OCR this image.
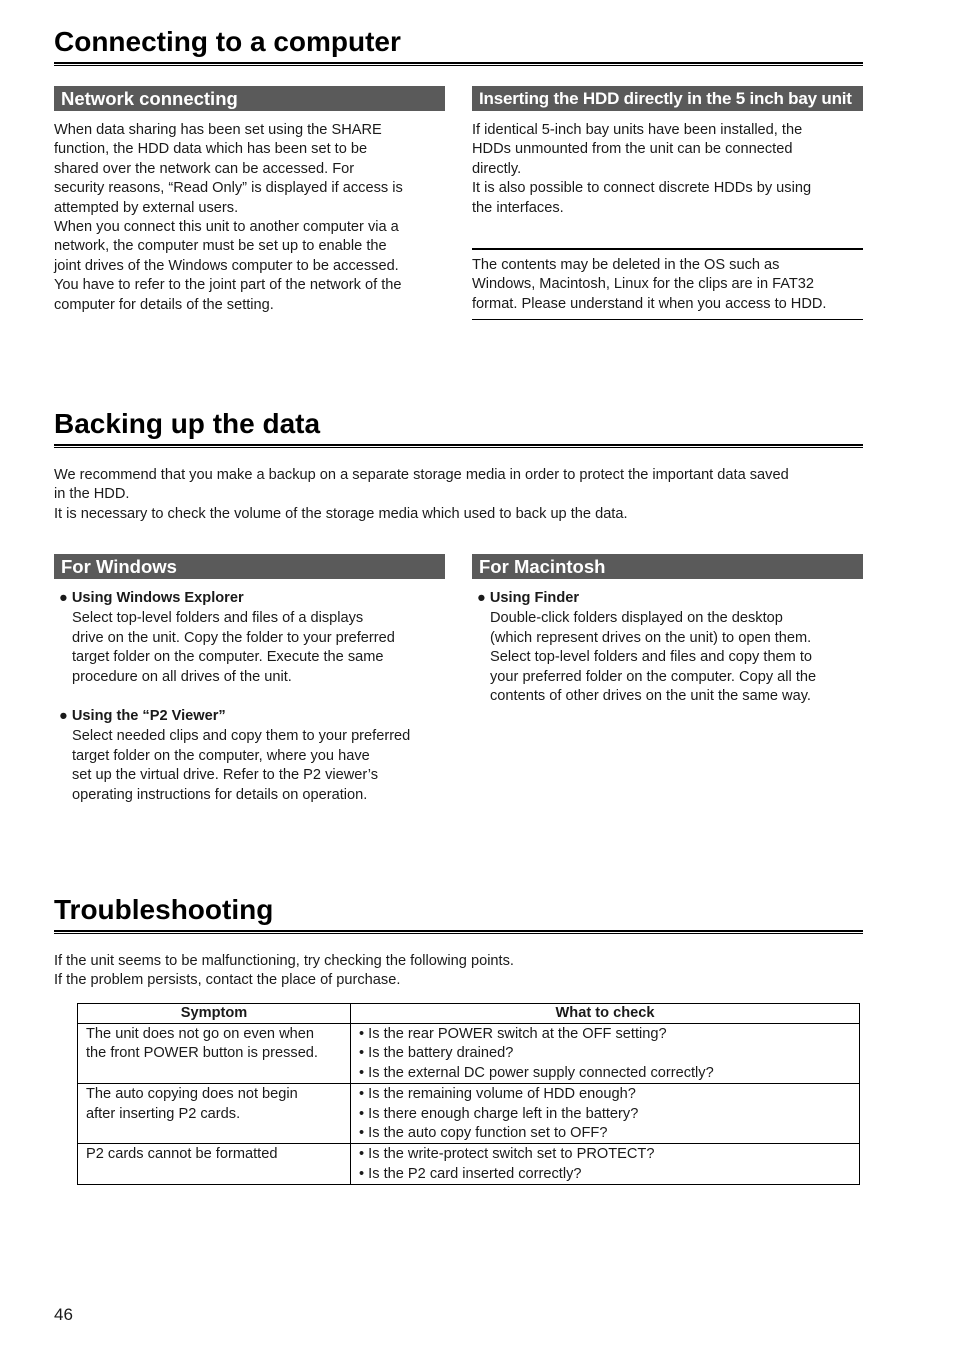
Connecting to a computer
Network connecting

When data sharing has been set using the SHARE

function, the HDD data which has been set to be

shared over the network can be accessed. For

security reasons, “Read Only” is displayed if access is

attempted by external users.

When you connect this unit to another computer via a

network, the computer must be set up to enable the

joint drives of the Windows computer to be accessed.

You have to refer to the joint part of the network of the

computer for details of the setting.

Inserting the HDD directly in the 5 inch bay unit

If identical 5-inch bay units have been installed, the

HDDs unmounted from the unit can be connected

directly.

It is also possible to connect discrete HDDs by using

the interfaces.

The contents may be deleted in the OS such as

Windows, Macintosh, Linux for the clips are in FAT32

format. Please understand it when you access to HDD.

Backing up the data

We recommend that you make a backup on a separate storage media in order to protect the important data saved

in the HDD.

It is necessary to check the volume of the storage media which used to back up the data.

For Windows
● Using Windows Explorer
Select top-level folders and files of a displays
drive on the unit. Copy the folder to your preferred
target folder on the computer. Execute the same
procedure on all drives of the unit.
● Using the “P2 Viewer”
Select needed clips and copy them to your preferred
target folder on the computer, where you have
set up the virtual drive. Refer to the P2 viewer’s
operating instructions for details on operation.
For Macintosh
● Using Finder
Double-click folders displayed on the desktop
(which represent drives on the unit) to open them.
Select top-level folders and files and copy them to
your preferred folder on the computer. Copy all the
contents of other drives on the unit the same way.
Troubleshooting

If the unit seems to be malfunctioning, try checking the following points.

If the problem persists, contact the place of purchase.

Symptom	What to check

The unit does not go on even when
the front POWER button is pressed.	• Is the rear POWER switch at the OFF setting?
• Is the battery drained?
• Is the external DC power supply connected correctly?

The auto copying does not begin
after inserting P2 cards.	• Is the remaining volume of HDD enough?
• Is there enough charge left in the battery?
• Is the auto copy function set to OFF?

P2 cards cannot be formatted	• Is the write-protect switch set to PROTECT?
• Is the P2 card inserted correctly?
46
